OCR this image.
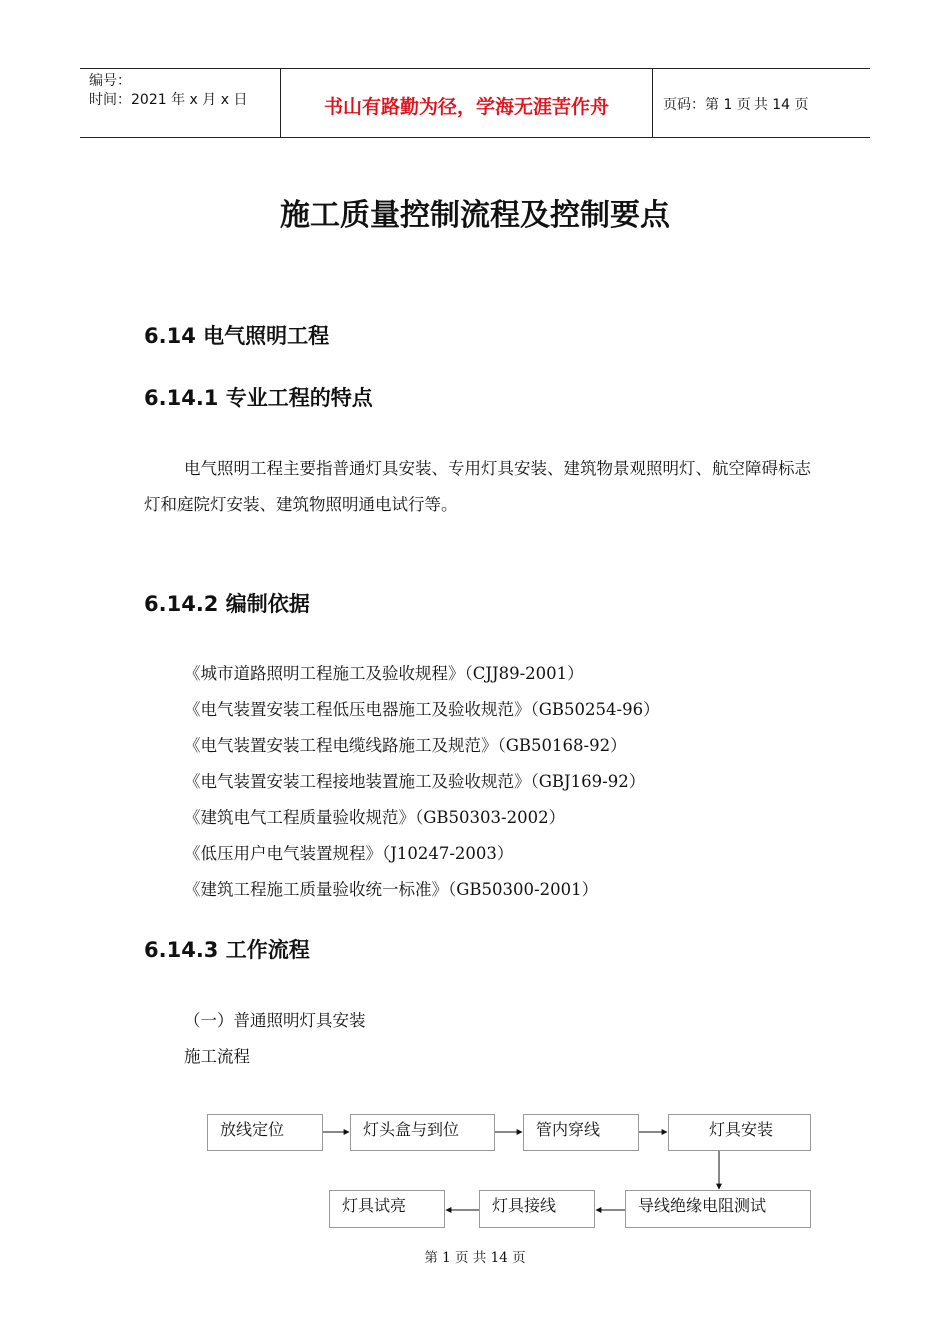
编号：
时间：2021 年 x 月 x 日	书山有路勤为径，学海无涯苦作舟	页码：第 1 页 共 14 页
施工质量控制流程及控制要点
6.14 电气照明工程
6.14.1 专业工程的特点
电气照明工程主要指普通灯具安装、专用灯具安装、建筑物景观照明灯、航空障碍标志灯和庭院灯安装、建筑物照明通电试行等。
6.14.2 编制依据
《城市道路照明工程施工及验收规程》（CJJ89-2001）
《电气装置安装工程低压电器施工及验收规范》（GB50254-96）
《电气装置安装工程电缆线路施工及规范》（GB50168-92）
《电气装置安装工程接地装置施工及验收规范》（GBJ169-92）
《建筑电气工程质量验收规范》（GB50303-2002）
《低压用户电气装置规程》（J10247-2003）
《建筑工程施工质量验收统一标准》（GB50300-2001）
6.14.3 工作流程
（一）普通照明灯具安装
施工流程
放线定位	灯头盒与到位	管内穿线	灯具安装
导线绝缘电阻测试
灯具接线
灯具试亮
第 1 页 共 14 页
